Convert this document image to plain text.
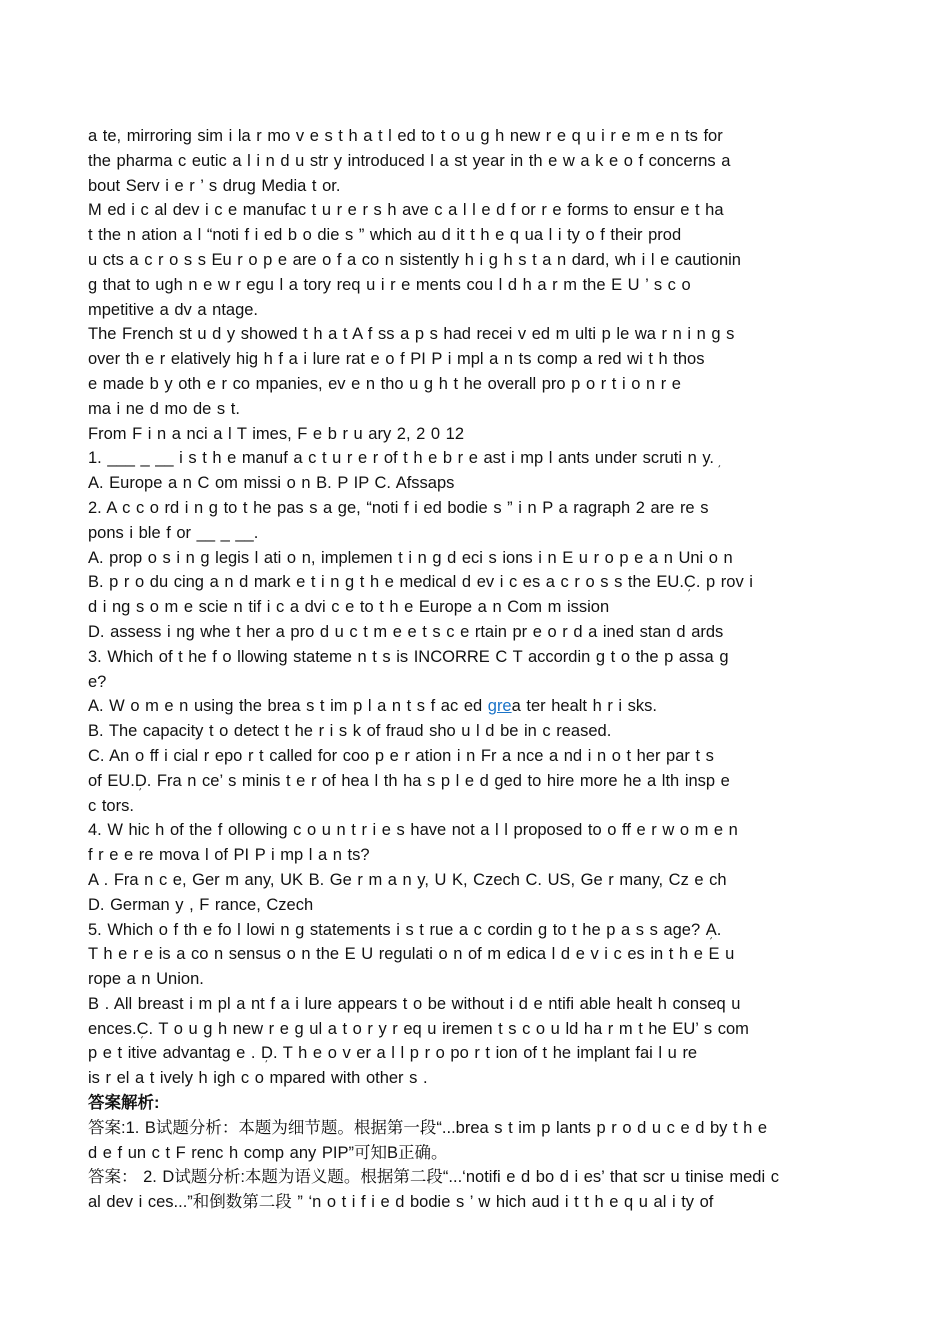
a te, mirroring sim i la r mo v e s t h a t l ed to t o u g h new r e q u i r e m e n ts for
the pharma c eutic a l i n d u str y introduced l a st year in th e w a k e o f concerns a
bout Serv i e r ’ s drug Media t or.
M ed i c al dev i c e manufac t u r e r s h ave c a l l e d f or r e forms to ensur e t ha
t the n ation a l “noti f i ed b o die s ” which au d it t h e q ua l i ty o f their prod
u cts a c r o s s Eu r o p e are o f a co n sistently h i g h s t a n dard, wh i l e cautionin
g that to ugh n e w r egu l a tory req u i r e ments cou l d h a r m the E U ’ s c o
mpetitive a dv a ntage.
The French st u d y showed t h a t A f ss a p s had recei v ed m ulti p le wa r n i n g s
over th e r elatively hig h f a i lure rat e o f PI P i mpl a n ts comp a red wi t h thos
e made b y oth e r co mpanies, ev e n tho u g h t he overall pro p o r t i o n r e
ma i ne d mo de s t.
From F i n a nci a l T imes, F e b r u ary 2, 2 0 12
1. ___ _ __ i s t h e manuf a c t u r e r of t h e b r e ast i mp l ants under scruti n y.ܼ
A. Europe a n C om missi o n B. P IP C. Afssaps
2. A c c o rd i n g to t he pas s a ge, “noti f i ed bodie s ” i n P a ragraph 2 are re s
pons i ble f or __ _ __.
A. prop o s i n g legis l ati o n, implemen t i n g d eci s ions i n E u r o p e a n Uni o n
B. p r o du cing a n d mark e t i n g t h e medical d ev i c es a c r o s s the EU.ܼC. p rov i
d i ng s o m e scie n tif i c a dvi c e to t h e Europe a n Com m ission
D. assess i ng whe t her a pro d u c t m e e t s c e rtain pr e o r d a ined stan d ards
3. Which of t he f o llowing stateme n t s is INCORRE C T accordin g t o the p assa g
e?
A. W o m e n using the brea s t im p l a n t s f ac ed grea ter healt h r i sks.
B. The capacity t o detect t he r i s k of fraud sho u l d be in c reased.
C. An o ff i cial r epo r t called for coo p e r ation i n Fr a nce a nd i n o t her par t s
of EU.ܼD. Fra n ce’ s minis t e r of hea l th ha s p l e d ged to hire more he a lth insp e
c tors.
4. W hic h of the f ollowing c o u n t r i e s have not a l l proposed to o ff e r w o m e n
f r e e re mova l of PI P i mp l a n ts?
A . Fra n c e, Ger m any, UK B. Ge r m a n y, U K, Czech C. US, Ge r many, Cz e ch
D. German y , F rance, Czech
5. Which o f th e fo l lowi n g statements i s t rue a c cordin g to t he p a s s age? ܼA.
T h e r e is a co n sensus o n the E U regulati o n of m edica l d e v i c es in t h e E u
rope a n Union.
B . All breast i m pl a nt f a i lure appears t o be without i d e ntifi able healt h conseq u
ences.ܼC. T o u g h new r e g ul a t o r y r eq u iremen t s c o u ld ha r m t he EU’ s com
p e t itive advantag e . ܼD. T h e o v er a l l p r o po r t ion of t he implant fai l u re
is r el a t ively h igh c o mpared with other s .
答案解析:
答案:1. B试题分析：本题为细节题。根据第一段“...brea s t im p lants p r o d u c e d by t h e
d e f un c t F renc h comp any PIP”可知B正确。
答案： 2. D试题分析:本题为语义题。根据第二段“...‘notifi e d bo d i es’ that scr u tinise medi c
al dev i ces...”和倒数第二段 ” ‘n o t i f i e d bodie s ’ w hich aud i t t h e q u al i ty of
